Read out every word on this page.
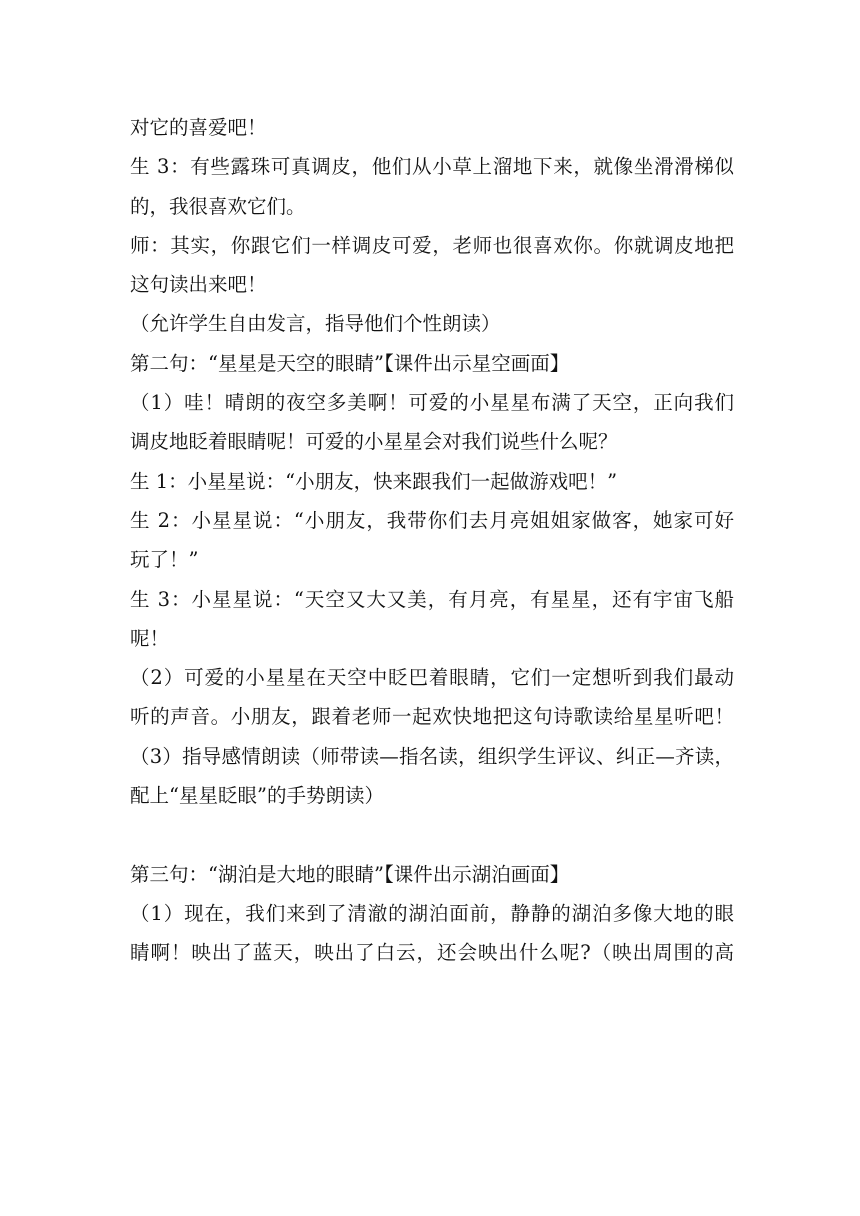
对它的喜爱吧！
生 3：有些露珠可真调皮，他们从小草上溜地下来，就像坐滑滑梯似
的，我很喜欢它们。
师：其实，你跟它们一样调皮可爱，老师也很喜欢你。你就调皮地把
这句读出来吧！
（允许学生自由发言，指导他们个性朗读）
第二句：“星星是天空的眼睛”【课件出示星空画面】
（1）哇！晴朗的夜空多美啊！可爱的小星星布满了天空，正向我们
调皮地眨着眼睛呢！可爱的小星星会对我们说些什么呢？
生 1：小星星说：“小朋友，快来跟我们一起做游戏吧！”
生 2：小星星说：“小朋友，我带你们去月亮姐姐家做客，她家可好
玩了！”
生 3：小星星说：“天空又大又美，有月亮，有星星，还有宇宙飞船
呢！
（2）可爱的小星星在天空中眨巴着眼睛，它们一定想听到我们最动
听的声音。小朋友，跟着老师一起欢快地把这句诗歌读给星星听吧！
（3）指导感情朗读（师带读—指名读，组织学生评议、纠正—齐读，
配上“星星眨眼”的手势朗读）
第三句：“湖泊是大地的眼睛”【课件出示湖泊画面】
（1）现在，我们来到了清澈的湖泊面前，静静的湖泊多像大地的眼
睛啊！映出了蓝天，映出了白云，还会映出什么呢?（映出周围的高
